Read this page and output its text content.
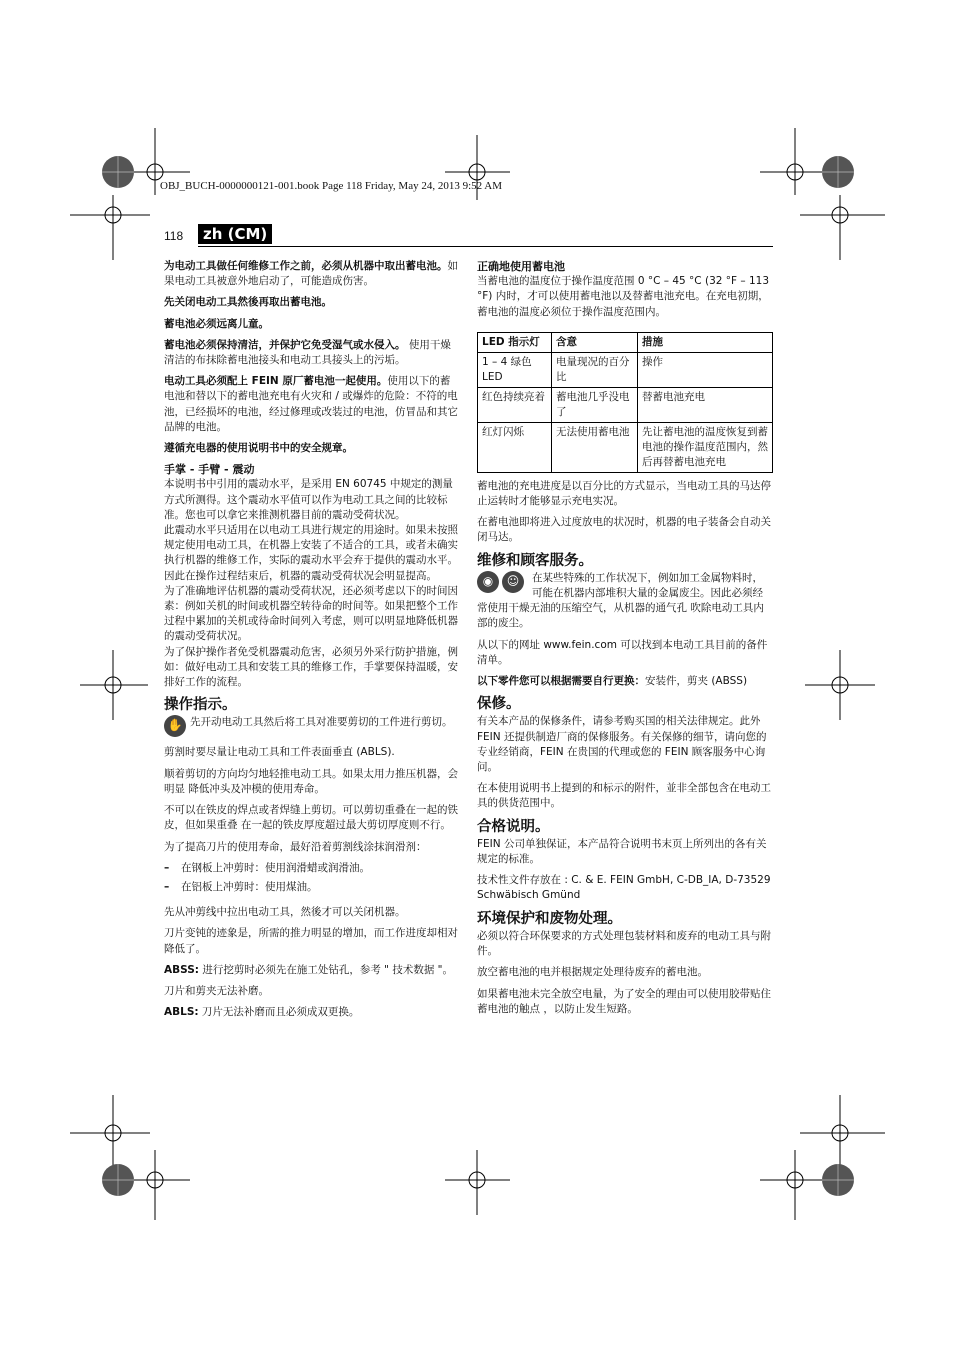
OBJ_BUCH-0000000121-001.book Page 118 Friday, May 24, 2013 9:52 AM
118	zh (CM)

为电动工具做任何维修工作之前，必须从机器中取出蓄电池。如果电动工具被意外地启动了，可能造成伤害。

先关闭电动工具然後再取出蓄电池。

蓄电池必须远离儿童。

蓄电池必须保持清洁，并保护它免受湿气或水侵入。 使用干燥清洁的布抹除蓄电池接头和电动工具接头上的污垢。

电动工具必须配上 FEIN 原厂蓄电池一起使用。使用以下的蓄电池和替以下的蓄电池充电有火灾和 / 或爆炸的危险：不符的电池，已经损坏的电池，经过修理或改装过的电池，仿冒品和其它品牌的电池。

遵循充电器的使用说明书中的安全规章。

手掌 - 手臂 - 震动
本说明书中引用的震动水平，是采用 EN 60745 中规定的测量方式所测得。这个震动水平值可以作为电动工具之间的比较标准。您也可以拿它来推测机器目前的震动受荷状况。
此震动水平只适用在以电动工具进行规定的用途时。如果未按照规定使用电动工具，在机器上安装了不适合的工具，或者未确实执行机器的维修工作，实际的震动水平会弃于提供的震动水平。因此在操作过程结束后，机器的震动受荷状况会明显提高。
为了准确地评估机器的震动受荷状况，还必须考虑以下的时间因素：例如关机的时间或机器空转待命的时间等。如果把整个工作过程中累加的关机或待命时间列入考虑，则可以明显地降低机器的震动受荷状况。
为了保护操作者免受机器震动危害，必须另外采行防护措施，例如：做好电动工具和安装工具的维修工作，手掌要保持温暖，安排好工作的流程。
操作指示。
✋ 先开动电动工具然后将工具对准要剪切的工件进行剪切。

剪割时要尽量让电动工具和工件表面垂直 (ABLS).

顺着剪切的方向均匀地轻推电动工具。如果太用力推压机器，会明显 降低冲头及冲模的使用寿命。

不可以在铁皮的焊点或者焊缝上剪切。可以剪切重叠在一起的铁皮，但如果重叠 在一起的铁皮厚度超过最大剪切厚度则不行。

为了提高刀片的使用寿命，最好沿着剪割线涂抹润滑剂：

–	在钢板上冲剪时：使用润滑蜡或润滑油。
–	在铝板上冲剪时：使用煤油。

先从冲剪线中拉出电动工具，然後才可以关闭机器。

刀片变钝的迹象是，所需的推力明显的增加，而工作进度却相对降低了。

ABSS: 进行挖剪时必须先在施工处钻孔，参考 " 技术数据 "。

刀片和剪夹无法补磨。

ABLS: 刀片无法补磨而且必须成双更换。

正确地使用蓄电池

当蓄电池的温度位于操作温度范围 0 °C – 45 °C (32 °F – 113 °F) 内时，才可以使用蓄电池以及替蓄电池充电。在充电初期，蓄电池的温度必须位于操作温度范围内。

LED 指示灯	含意	措施
1 – 4 绿色 LED	电量现况的百分比	操作
红色持续亮着	蓄电池几乎没电了	替蓄电池充电
红灯闪烁	无法使用蓄电池	先让蓄电池的温度恢复到蓄电池的操作温度范围内，然后再替蓄电池充电

蓄电池的充电进度是以百分比的方式显示，当电动工具的马达停止运转时才能够显示充电实况。

在蓄电池即将进入过度放电的状况时，机器的电子装备会自动关闭马达。

维修和顾客服务。
◉	☺	在某些特殊的工作状况下，例如加工金属物料时，可能在机器内部堆积大量的金属废尘。因此必须经常使用干燥无油的压缩空气，从机器的通气孔 吹除电动工具内部的废尘。

从以下的网址 www.fein.com 可以找到本电动工具目前的备件清单。

以下零件您可以根据需要自行更换：安装件，剪夹 (ABSS)

保修。

有关本产品的保修条件，请参考购买国的相关法律规定。此外 FEIN 还提供制造厂商的保修服务。有关保修的细节，请向您的专业经销商，FEIN 在贵国的代理或您的 FEIN 顾客服务中心询问。

在本使用说明书上提到的和标示的附件，並非全部包含在电动工具的供货范围中。

合格说明。

FEIN 公司单独保证，本产品符合说明书末页上所列出的各有关规定的标准。

技术性文件存放在 : C. & E. FEIN GmbH, C-DB_IA, D-73529 Schwäbisch Gmünd

环境保护和废物处理。

必须以符合环保要求的方式处理包装材料和废弃的电动工具与附件。

放空蓄电池的电并根据规定处理待废弃的蓄电池。

如果蓄电池未完全放空电量，为了安全的理由可以使用胶带贴住蓄电池的触点 ，以防止发生短路。
